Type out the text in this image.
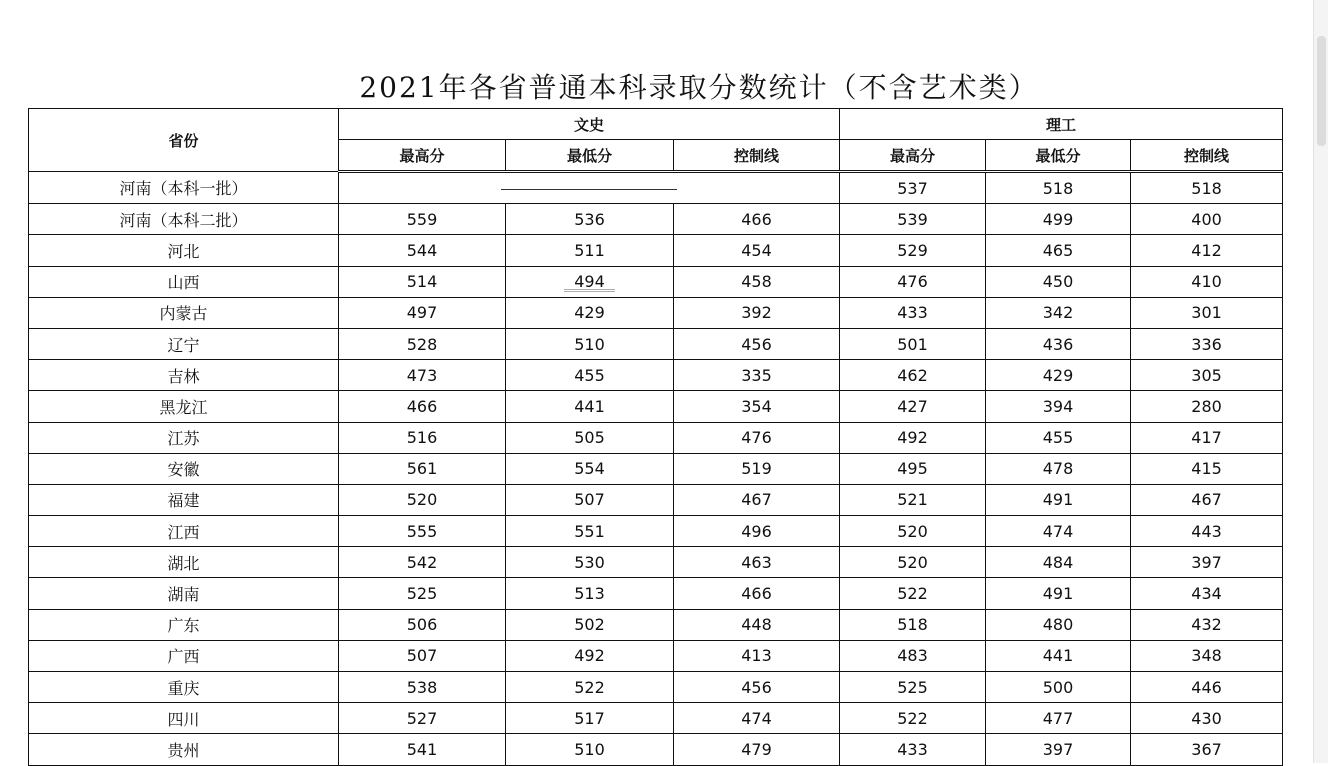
2021年各省普通本科录取分数统计（不含艺术类）
省份	文史			理工		
	最高分	最低分	控制线	最高分	最低分	控制线
河南（本科一批）				537	518	518
河南（本科二批）	559	536	466	539	499	400
河北	544	511	454	529	465	412
山西	514	494	458	476	450	410
内蒙古	497	429	392	433	342	301
辽宁	528	510	456	501	436	336
吉林	473	455	335	462	429	305
黑龙江	466	441	354	427	394	280
江苏	516	505	476	492	455	417
安徽	561	554	519	495	478	415
福建	520	507	467	521	491	467
江西	555	551	496	520	474	443
湖北	542	530	463	520	484	397
湖南	525	513	466	522	491	434
广东	506	502	448	518	480	432
广西	507	492	413	483	441	348
重庆	538	522	456	525	500	446
四川	527	517	474	522	477	430
贵州	541	510	479	433	397	367
